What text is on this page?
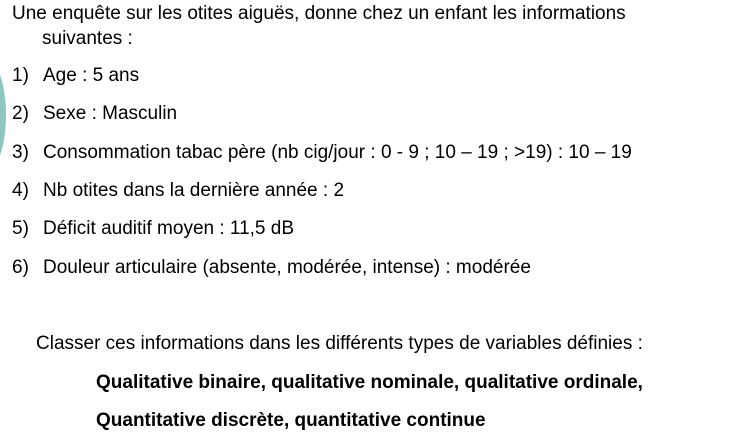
Une enquête sur les otites aiguës, donne chez un enfant les informations
suivantes :
1) Age : 5 ans
2) Sexe : Masculin
3) Consommation tabac père (nb cig/jour : 0 - 9 ; 10 – 19 ; >19) : 10 – 19
4) Nb otites dans la dernière année : 2
5) Déficit auditif moyen : 11,5 dB
6) Douleur articulaire (absente, modérée, intense) : modérée
Classer ces informations dans les différents types de variables définies :
Qualitative binaire, qualitative nominale, qualitative ordinale,
Quantitative discrète, quantitative continue
